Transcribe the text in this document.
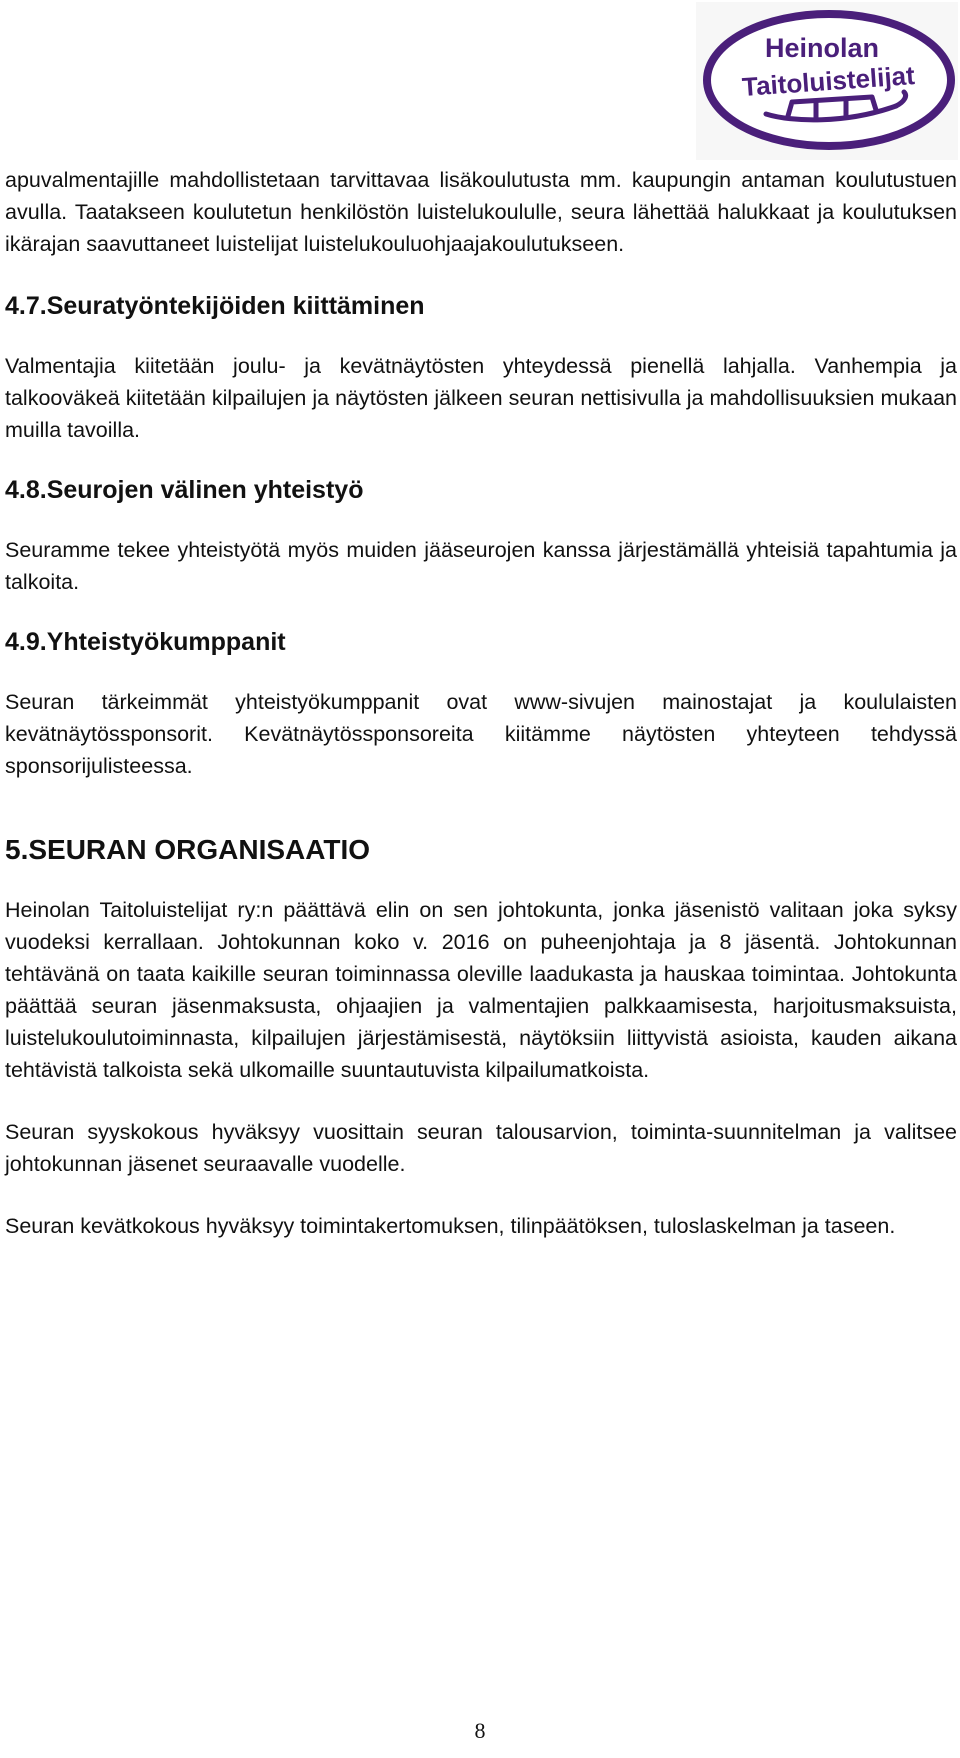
Heinolan
Taitoluistelijat

apuvalmentajille mahdollistetaan tarvittavaa lisäkoulutusta mm. kaupungin antaman koulutustuen avulla. Taatakseen koulutetun henkilöstön luistelukoululle, seura lähettää halukkaat ja koulutuksen ikärajan saavuttaneet luistelijat luistelukouluohjaajakoulutukseen.

4.7.Seuratyöntekijöiden kiittäminen

Valmentajia kiitetään joulu- ja kevätnäytösten yhteydessä pienellä lahjalla. Vanhempia ja talkooväkeä kiitetään kilpailujen ja näytösten jälkeen seuran nettisivulla ja mahdollisuuksien mukaan muilla tavoilla.

4.8.Seurojen välinen yhteistyö

Seuramme tekee yhteistyötä myös muiden jääseurojen kanssa järjestämällä yhteisiä tapahtumia ja talkoita.

4.9.Yhteistyökumppanit

Seuran tärkeimmät yhteistyökumppanit ovat www-sivujen mainostajat ja koululaisten kevätnäytössponsorit. Kevätnäytössponsoreita kiitämme näytösten yhteyteen tehdyssä sponsorijulisteessa.

5.SEURAN ORGANISAATIO

Heinolan Taitoluistelijat ry:n päättävä elin on sen johtokunta, jonka jäsenistö valitaan joka syksy vuodeksi kerrallaan. Johtokunnan koko v. 2016 on puheenjohtaja ja 8 jäsentä. Johtokunnan tehtävänä on taata kaikille seuran toiminnassa oleville laadukasta ja hauskaa toimintaa. Johtokunta päättää seuran jäsenmaksusta, ohjaajien ja valmentajien palkkaamisesta, harjoitusmaksuista, luistelukoulutoiminnasta, kilpailujen järjestämisestä, näytöksiin liittyvistä asioista, kauden aikana tehtävistä talkoista sekä ulkomaille suuntautuvista kilpailumatkoista.

Seuran syyskokous hyväksyy vuosittain seuran talousarvion, toiminta-suunnitelman ja valitsee johtokunnan jäsenet seuraavalle vuodelle.

Seuran kevätkokous hyväksyy toimintakertomuksen, tilinpäätöksen, tuloslaskelman ja taseen.

8
